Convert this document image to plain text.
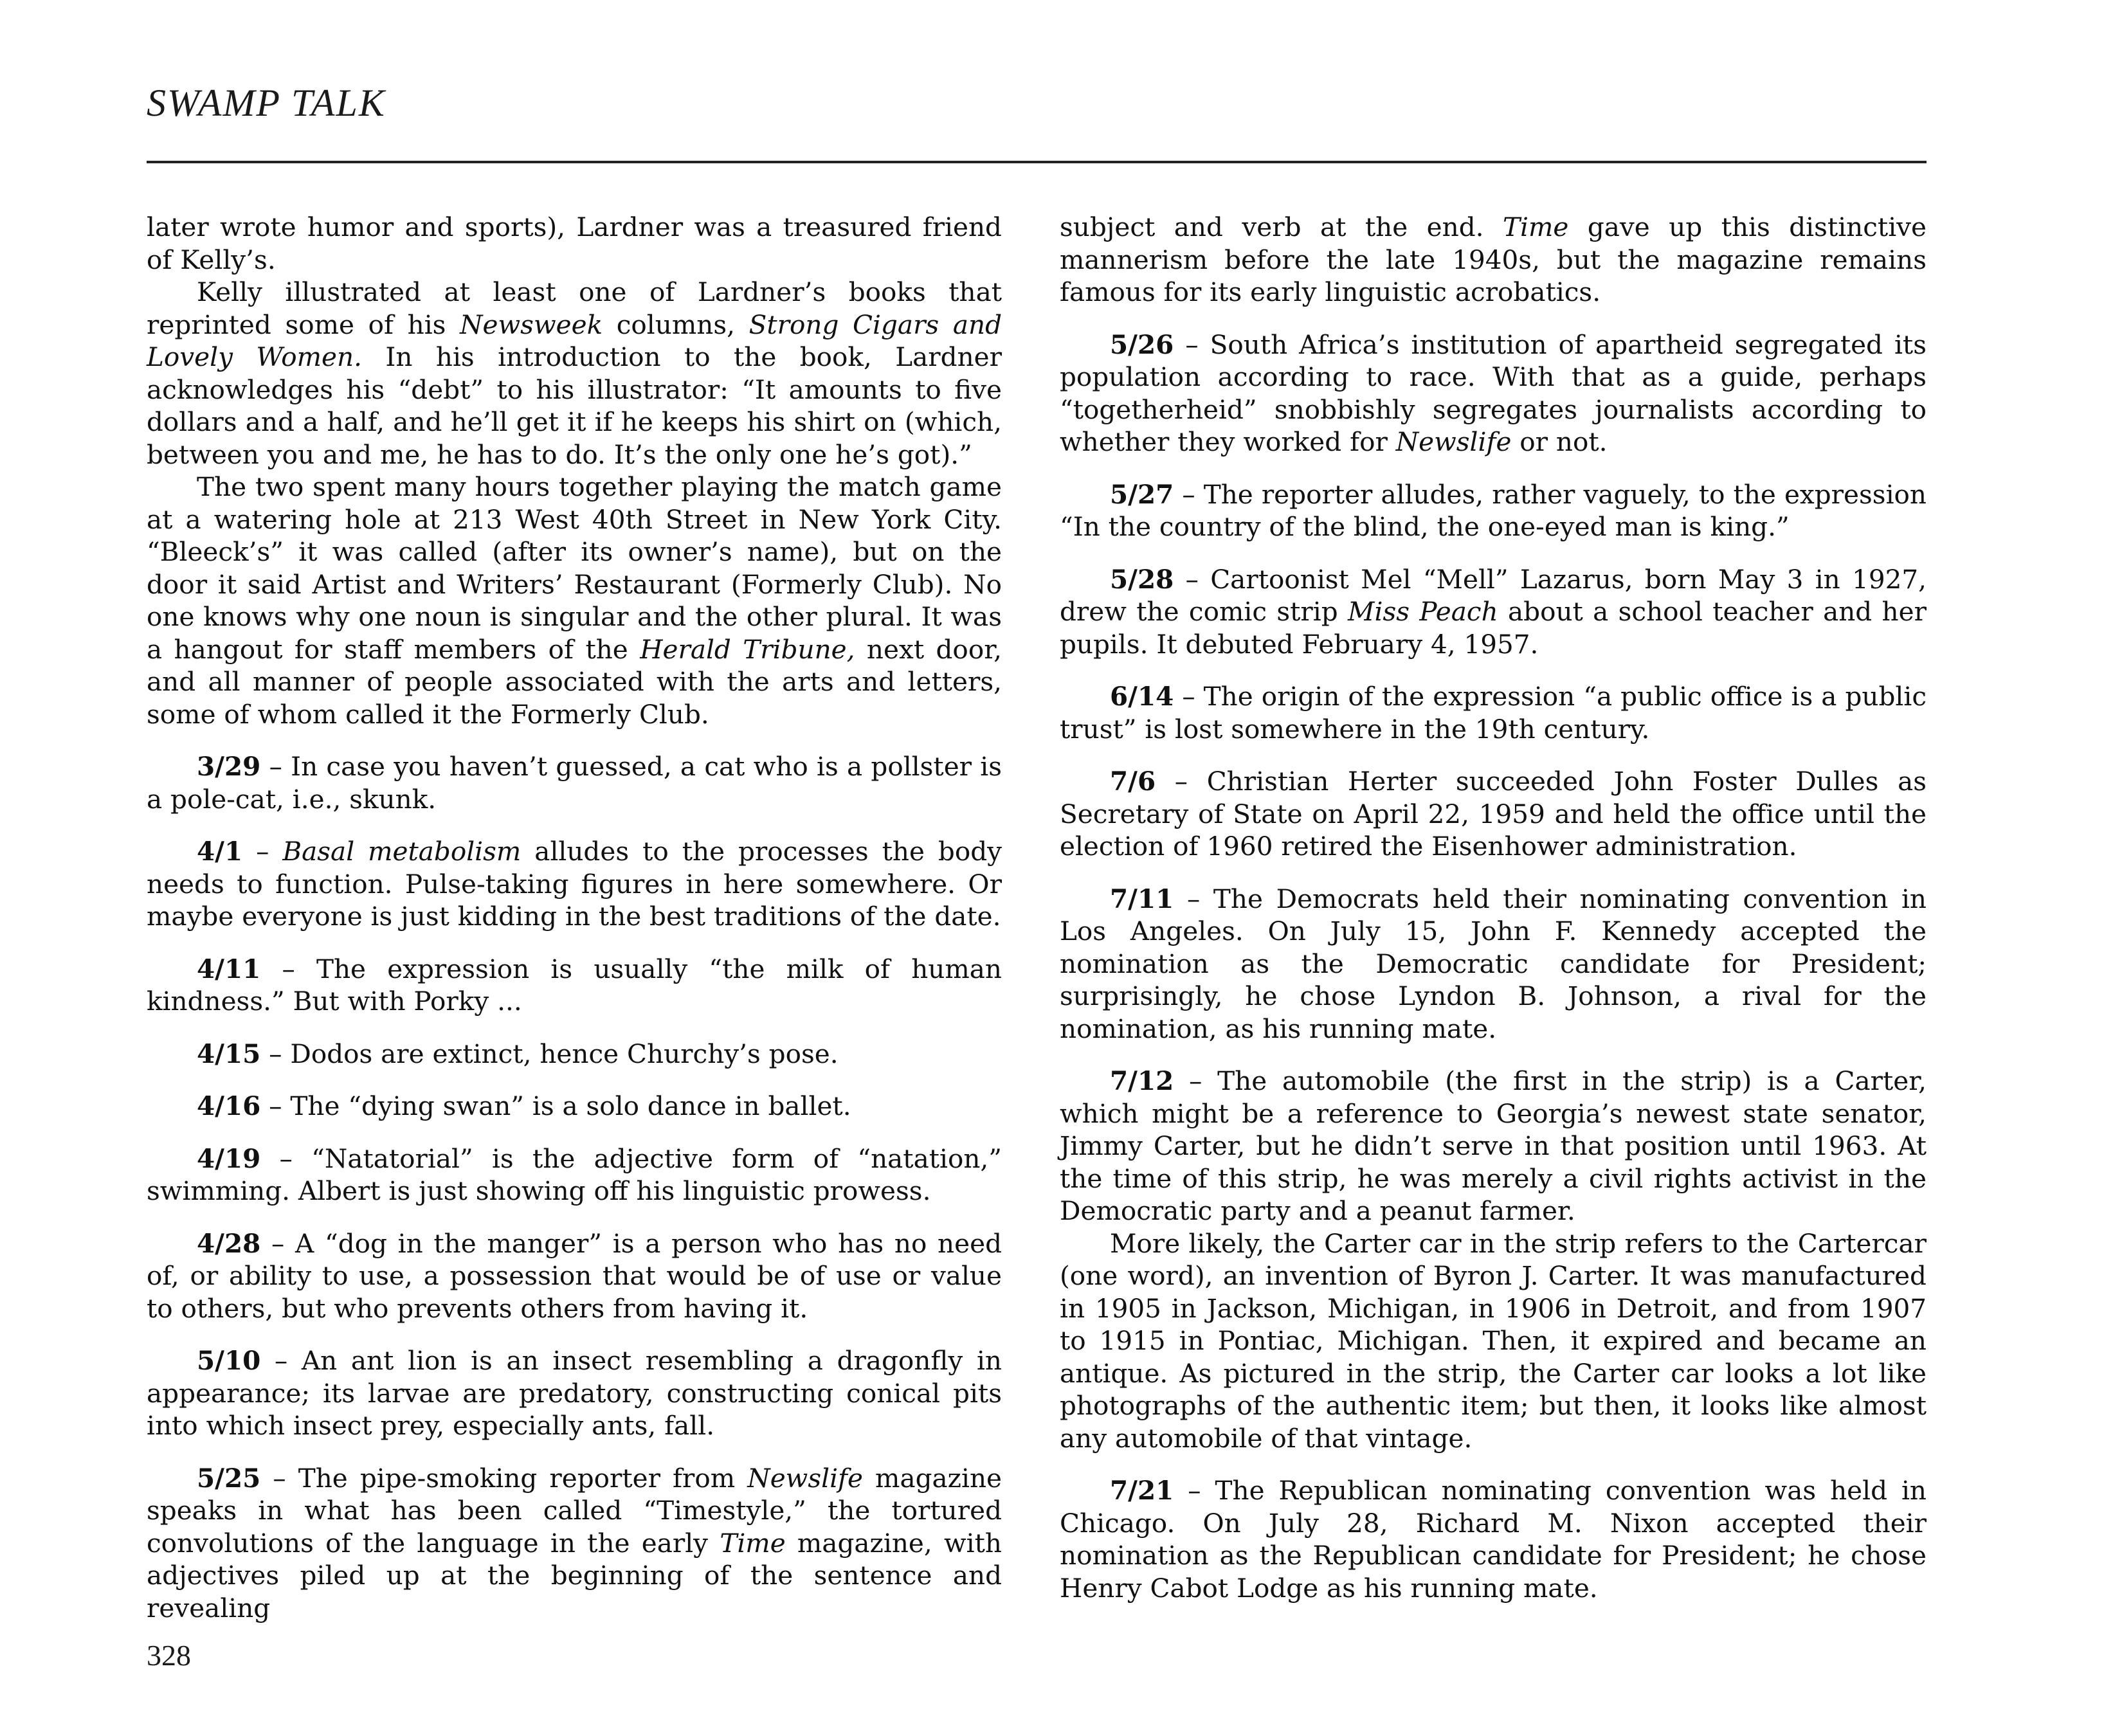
SWAMP TALK

later wrote humor and sports), Lardner was a treasured friend of Kelly’s.

Kelly illustrated at least one of Lardner’s books that reprinted some of his Newsweek columns, Strong Cigars and Lovely Women. In his introduction to the book, Lardner acknowledges his “debt” to his illustrator: “It amounts to five dollars and a half, and he’ll get it if he keeps his shirt on (which, between you and me, he has to do. It’s the only one he’s got).”

The two spent many hours together playing the match game at a watering hole at 213 West 40th Street in New York City. “Bleeck’s” it was called (after its owner’s name), but on the door it said Artist and Writers’ Restaurant (Formerly Club). No one knows why one noun is singular and the other plural. It was a hangout for staff members of the Herald Tribune, next door, and all manner of people associated with the arts and letters, some of whom called it the Formerly Club.

3/29 – In case you haven’t guessed, a cat who is a pollster is a pole-cat, i.e., skunk.

4/1 – Basal metabolism alludes to the processes the body needs to function. Pulse-taking figures in here somewhere. Or maybe everyone is just kidding in the best traditions of the date.

4/11 – The expression is usually “the milk of human kindness.” But with Porky ...

4/15 – Dodos are extinct, hence Churchy’s pose.

4/16 – The “dying swan” is a solo dance in ballet.

4/19 – “Natatorial” is the adjective form of “natation,” swimming. Albert is just showing off his linguistic prowess.

4/28 – A “dog in the manger” is a person who has no need of, or ability to use, a possession that would be of use or value to others, but who prevents others from having it.

5/10 – An ant lion is an insect resembling a dragonfly in appearance; its larvae are predatory, constructing conical pits into which insect prey, especially ants, fall.

5/25 – The pipe-smoking reporter from Newslife magazine speaks in what has been called “Timestyle,” the tortured convolutions of the language in the early Time magazine, with adjectives piled up at the beginning of the sentence and revealing

subject and verb at the end. Time gave up this distinctive mannerism before the late 1940s, but the magazine remains famous for its early linguistic acrobatics.

5/26 – South Africa’s institution of apartheid segregated its population according to race. With that as a guide, perhaps “togetherheid” snobbishly segregates journalists according to whether they worked for Newslife or not.

5/27 – The reporter alludes, rather vaguely, to the expression “In the country of the blind, the one-eyed man is king.”

5/28 – Cartoonist Mel “Mell” Lazarus, born May 3 in 1927, drew the comic strip Miss Peach about a school teacher and her pupils. It debuted February 4, 1957.

6/14 – The origin of the expression “a public office is a public trust” is lost somewhere in the 19th century.

7/6 – Christian Herter succeeded John Foster Dulles as Secretary of State on April 22, 1959 and held the office until the election of 1960 retired the Eisenhower administration.

7/11 – The Democrats held their nominating convention in Los Angeles. On July 15, John F. Kennedy accepted the nomination as the Democratic candidate for President; surprisingly, he chose Lyndon B. Johnson, a rival for the nomination, as his running mate.

7/12 – The automobile (the first in the strip) is a Carter, which might be a reference to Georgia’s newest state senator, Jimmy Carter, but he didn’t serve in that position until 1963. At the time of this strip, he was merely a civil rights activist in the Democratic party and a peanut farmer.

More likely, the Carter car in the strip refers to the Cartercar (one word), an invention of Byron J. Carter. It was manufactured in 1905 in Jackson, Michigan, in 1906 in Detroit, and from 1907 to 1915 in Pontiac, Michigan. Then, it expired and became an antique. As pictured in the strip, the Carter car looks a lot like photographs of the authentic item; but then, it looks like almost any automobile of that vintage.

7/21 – The Republican nominating convention was held in Chicago. On July 28, Richard M. Nixon accepted their nomination as the Republican candidate for President; he chose Henry Cabot Lodge as his running mate.

328
